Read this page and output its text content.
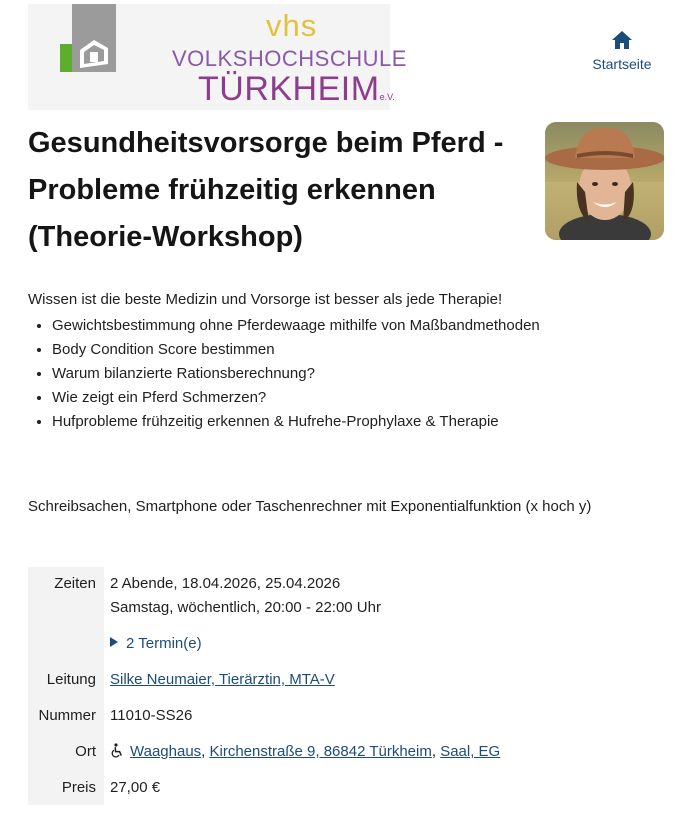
vhs
VOLKSHOCHSCHULE
TÜRKHEIMe.V.
Startseite
Gesundheitsvorsorge beim Pferd - Probleme frühzeitig erkennen (Theorie-Workshop)

Wissen ist die beste Medizin und Vorsorge ist besser als jede Therapie!

• Gewichtsbestimmung ohne Pferdewaage mithilfe von Maßbandmethoden
• Body Condition Score bestimmen
• Warum bilanzierte Rationsberechnung?
• Wie zeigt ein Pferd Schmerzen?
• Hufprobleme frühzeitig erkennen & Hufrehe-Prophylaxe & Therapie

Schreibsachen, Smartphone oder Taschenrechner mit Exponentialfunktion (x hoch y)

Zeiten 2 Abende, 18.04.2026, 25.04.2026
Samstag, wöchentlich, 20:00 - 22:00 Uhr
2 Termin(e)
Leitung Silke Neumaier, Tierärztin, MTA-V
Nummer 11010-SS26
Ort	Waaghaus, Kirchenstraße 9, 86842 Türkheim, Saal, EG
Preis 27,00 €
